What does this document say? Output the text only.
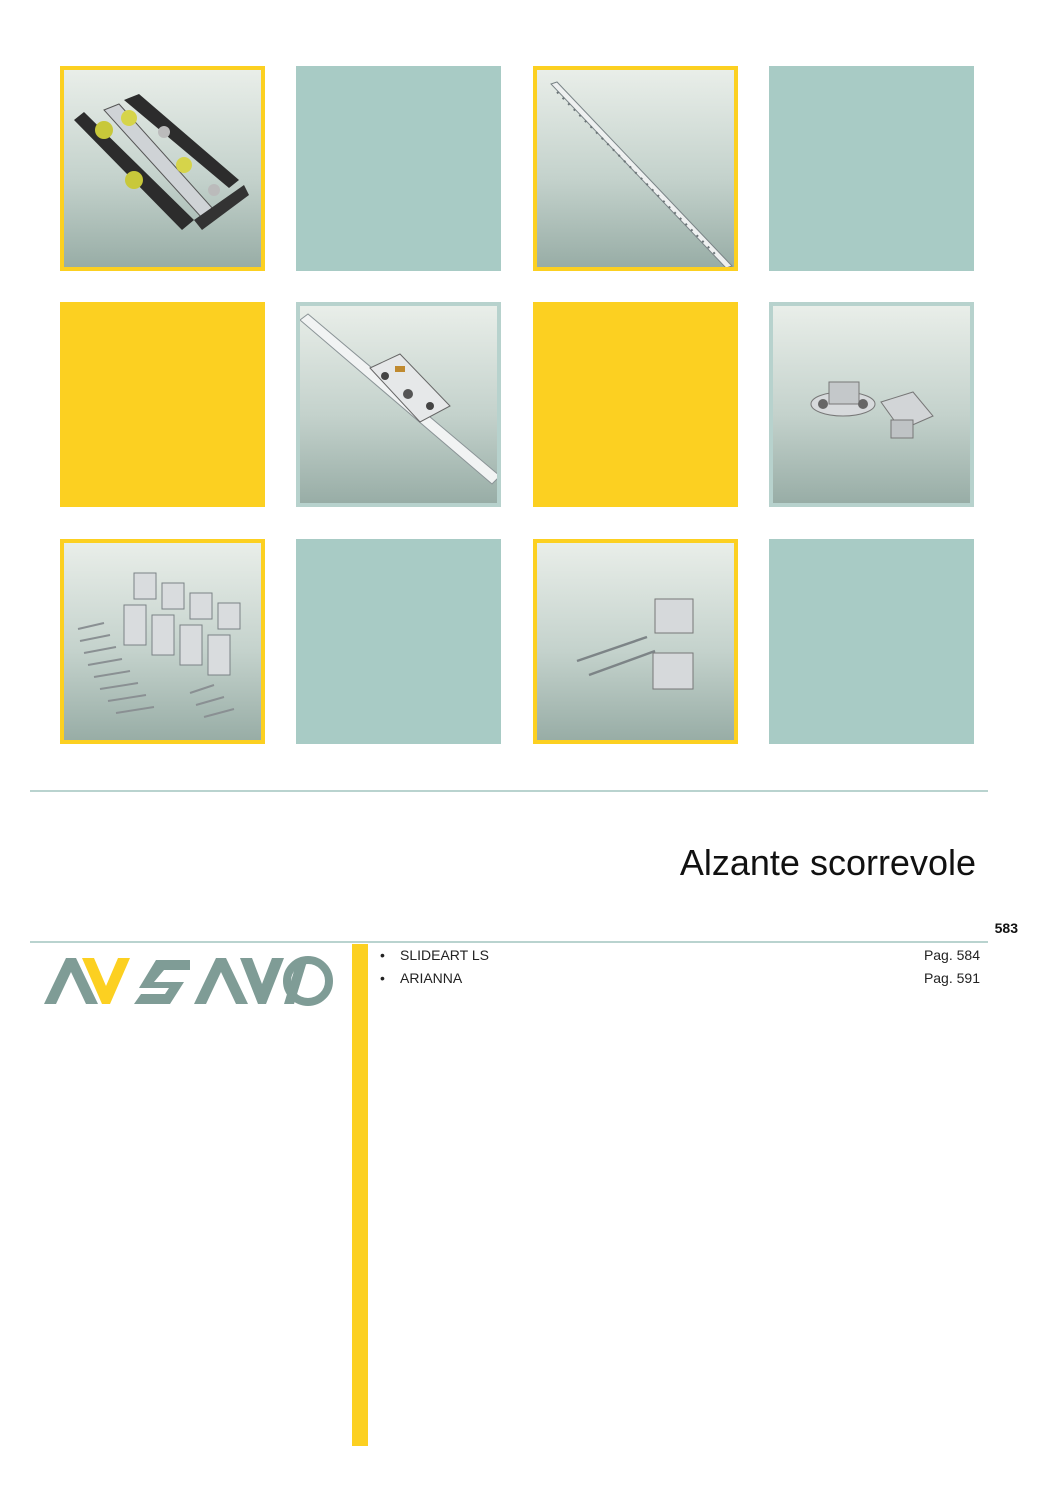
Alzante scorrevole
583
• SLIDEART LS	Pag. 584
• ARIANNA	Pag. 591
